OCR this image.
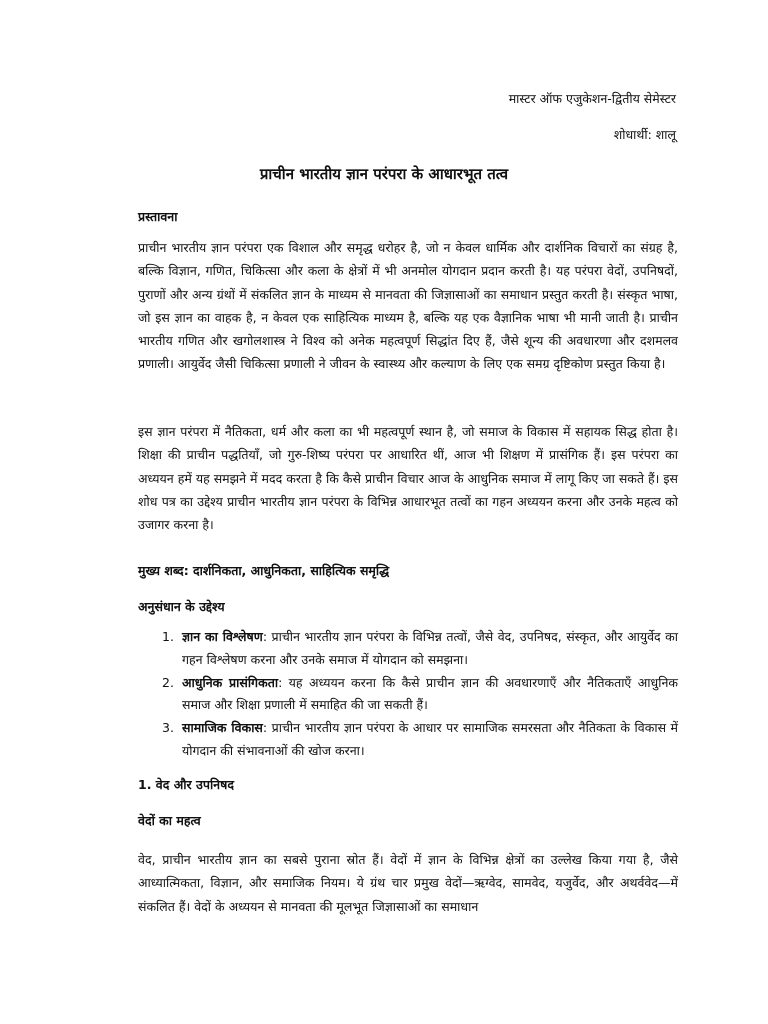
मास्टर ऑफ एजुकेशन-द्वितीय सेमेस्टर
शोधार्थी: शालू
प्राचीन भारतीय ज्ञान परंपरा के आधारभूत तत्व
प्रस्तावना

प्राचीन भारतीय ज्ञान परंपरा एक विशाल और समृद्ध धरोहर है, जो न केवल धार्मिक और दार्शनिक विचारों का संग्रह है, बल्कि विज्ञान, गणित, चिकित्सा और कला के क्षेत्रों में भी अनमोल योगदान प्रदान करती है। यह परंपरा वेदों, उपनिषदों, पुराणों और अन्य ग्रंथों में संकलित ज्ञान के माध्यम से मानवता की जिज्ञासाओं का समाधान प्रस्तुत करती है। संस्कृत भाषा, जो इस ज्ञान का वाहक है, न केवल एक साहित्यिक माध्यम है, बल्कि यह एक वैज्ञानिक भाषा भी मानी जाती है। प्राचीन भारतीय गणित और खगोलशास्त्र ने विश्व को अनेक महत्वपूर्ण सिद्धांत दिए हैं, जैसे शून्य की अवधारणा और दशमलव प्रणाली। आयुर्वेद जैसी चिकित्सा प्रणाली ने जीवन के स्वास्थ्य और कल्याण के लिए एक समग्र दृष्टिकोण प्रस्तुत किया है।

इस ज्ञान परंपरा में नैतिकता, धर्म और कला का भी महत्वपूर्ण स्थान है, जो समाज के विकास में सहायक सिद्ध होता है। शिक्षा की प्राचीन पद्धतियाँ, जो गुरु-शिष्य परंपरा पर आधारित थीं, आज भी शिक्षण में प्रासंगिक हैं। इस परंपरा का अध्ययन हमें यह समझने में मदद करता है कि कैसे प्राचीन विचार आज के आधुनिक समाज में लागू किए जा सकते हैं। इस शोध पत्र का उद्देश्य प्राचीन भारतीय ज्ञान परंपरा के विभिन्न आधारभूत तत्वों का गहन अध्ययन करना और उनके महत्व को उजागर करना है।

मुख्य शब्द: दार्शनिकता, आधुनिकता, साहित्यिक समृद्धि
अनुसंधान के उद्देश्य
1. ज्ञान का विश्लेषण: प्राचीन भारतीय ज्ञान परंपरा के विभिन्न तत्वों, जैसे वेद, उपनिषद, संस्कृत, और आयुर्वेद का गहन विश्लेषण करना और उनके समाज में योगदान को समझना।
2. आधुनिक प्रासंगिकता: यह अध्ययन करना कि कैसे प्राचीन ज्ञान की अवधारणाएँ और नैतिकताएँ आधुनिक समाज और शिक्षा प्रणाली में समाहित की जा सकती हैं।
3. सामाजिक विकास: प्राचीन भारतीय ज्ञान परंपरा के आधार पर सामाजिक समरसता और नैतिकता के विकास में योगदान की संभावनाओं की खोज करना।
1. वेद और उपनिषद
वेदों का महत्व

वेद, प्राचीन भारतीय ज्ञान का सबसे पुराना स्रोत हैं। वेदों में ज्ञान के विभिन्न क्षेत्रों का उल्लेख किया गया है, जैसे आध्यात्मिकता, विज्ञान, और समाजिक नियम। ये ग्रंथ चार प्रमुख वेदों—ऋग्वेद, सामवेद, यजुर्वेद, और अथर्ववेद—में संकलित हैं। वेदों के अध्ययन से मानवता की मूलभूत जिज्ञासाओं का समाधान
